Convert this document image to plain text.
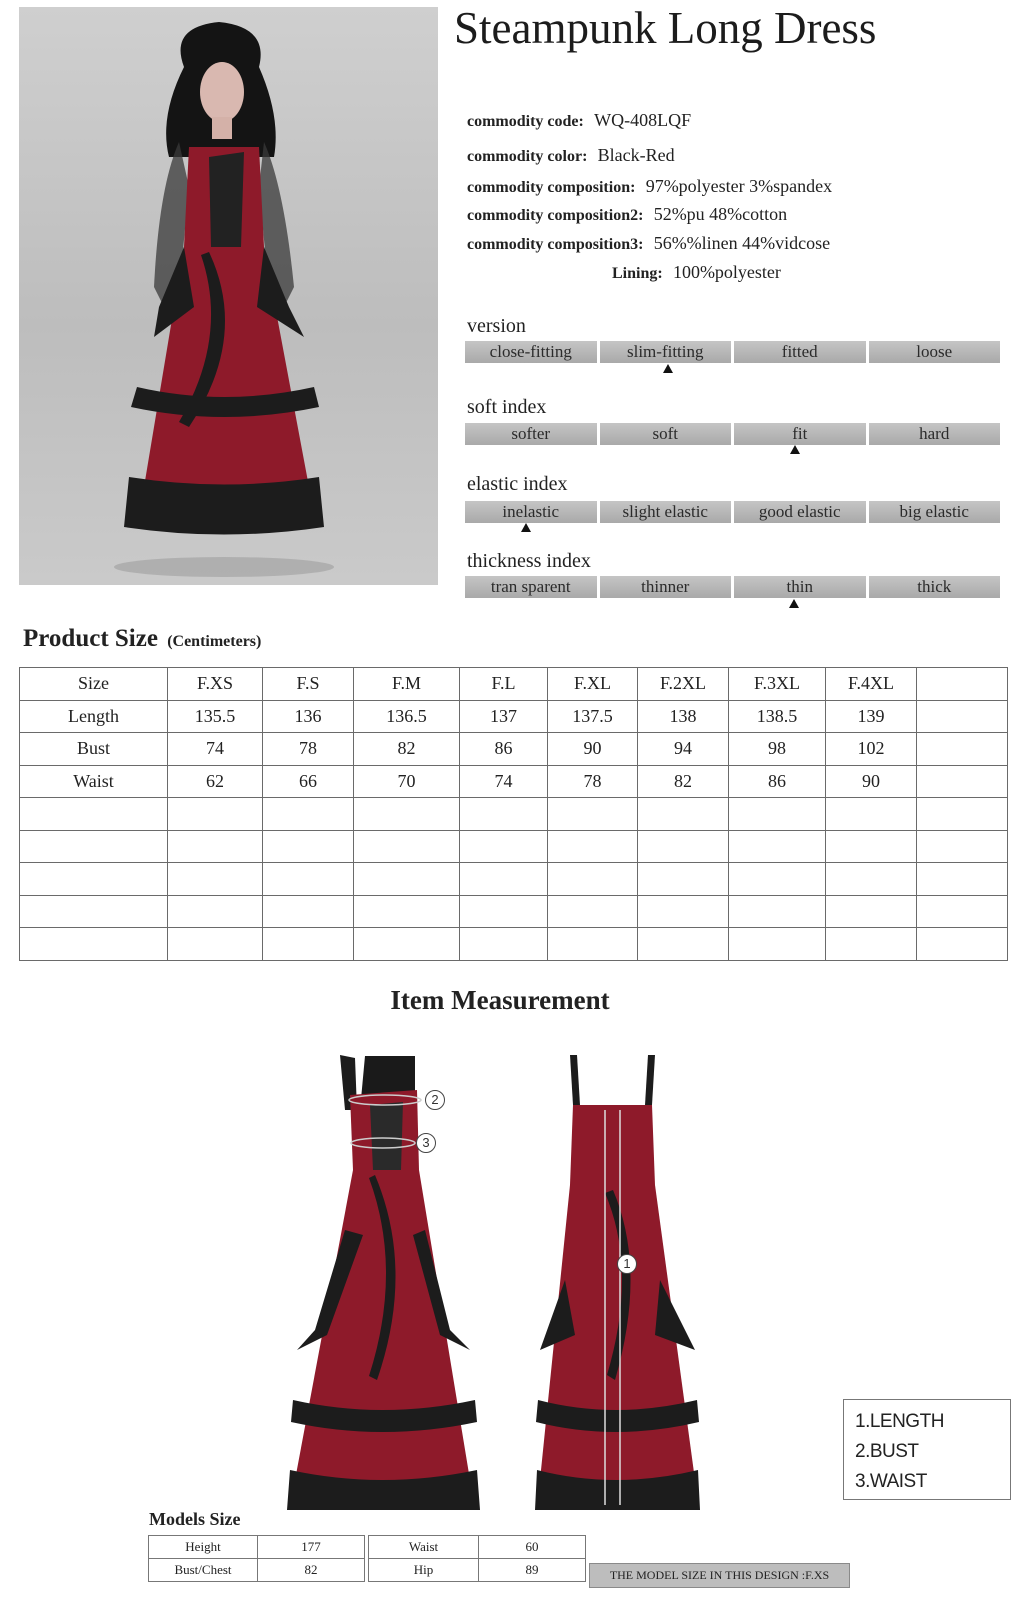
Steampunk Long Dress
commodity code: WQ-408LQF
commodity color: Black-Red
commodity composition: 97%polyester 3%spandex
commodity composition2: 52%pu 48%cotton
commodity composition3: 56%%linen 44%vidcose
Lining: 100%polyester
version
close-fitting	slim-fitting	fitted	loose
soft index
softer	soft	fit	hard
elastic index
inelastic	slight elastic	good elastic	big elastic
thickness index
tran sparent	thinner	thin	thick
Product Size (Centimeters)
Size	F.XS	F.S	F.M	F.L	F.XL	F.2XL	F.3XL	F.4XL	
Length	135.5	136	136.5	137	137.5	138	138.5	139	
Bust	74	78	82	86	90	94	98	102	
Waist	62	66	70	74	78	82	86	90	

Item Measurement
2
3
1
1.LENGTH
2.BUST
3.WAIST
Models Size
Height	177
Bust/Chest	82
Waist	60
Hip	89	THE MODEL SIZE IN THIS DESIGN :F.XS
